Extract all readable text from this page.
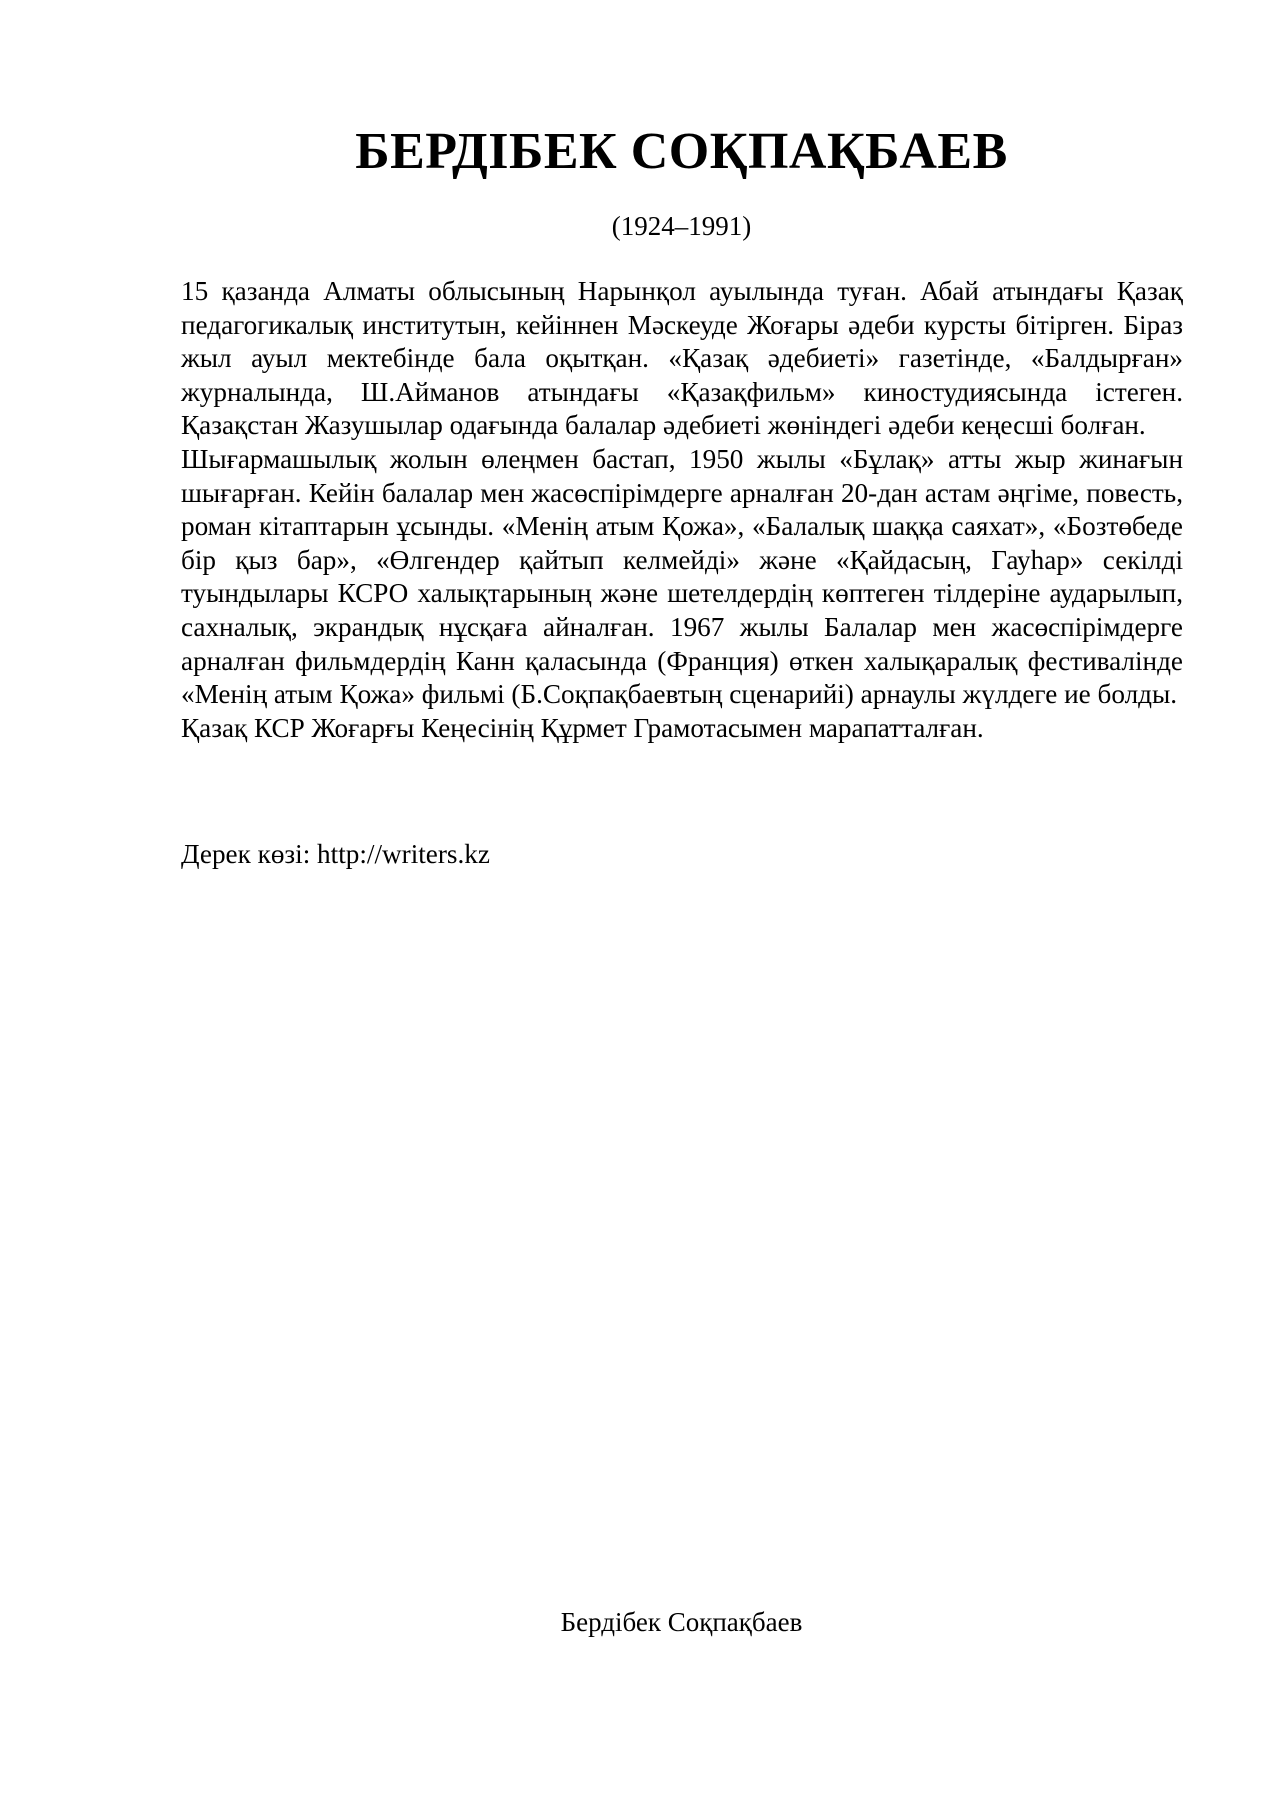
БЕРДІБЕК СОҚПАҚБАЕВ
(1924–1991)

15 қазанда Алматы облысының Нарынқол ауылында туған. Абай атындағы Қазақ педагогикалық институтын, кейіннен Мәскеуде Жоғары әдеби курсты бітірген. Біраз жыл ауыл мектебінде бала оқытқан. «Қазақ әдебиеті» газетінде, «Балдырған» журналында, Ш.Айманов атындағы «Қазақфильм» киностудиясында істеген. Қазақстан Жазушылар одағында балалар әдебиеті жөніндегі әдеби кеңесші болған.

Шығармашылық жолын өлеңмен бастап, 1950 жылы «Бұлақ» атты жыр жинағын шығарған. Кейін балалар мен жасөспірімдерге арналған 20-дан астам әңгіме, повесть, роман кітаптарын ұсынды. «Менің атым Қожа», «Балалық шаққа саяхат», «Бозтөбеде бір қыз бар», «Өлгендер қайтып келмейді» және «Қайдасың, Гауһар» секілді туындылары КСРО халықтарының және шетелдердің көптеген тілдеріне аударылып, сахналық, экрандық нұсқаға айналған. 1967 жылы Балалар мен жасөспірімдерге арналған фильмдердің Канн қаласында (Франция) өткен халықаралық фестивалінде «Менің атым Қожа» фильмі (Б.Соқпақбаевтың сценарийі) арнаулы жүлдеге ие болды.

Қазақ КСР Жоғарғы Кеңесінің Құрмет Грамотасымен марапатталған.

Дерек көзі: http://writers.kz
Бердібек Соқпақбаев
